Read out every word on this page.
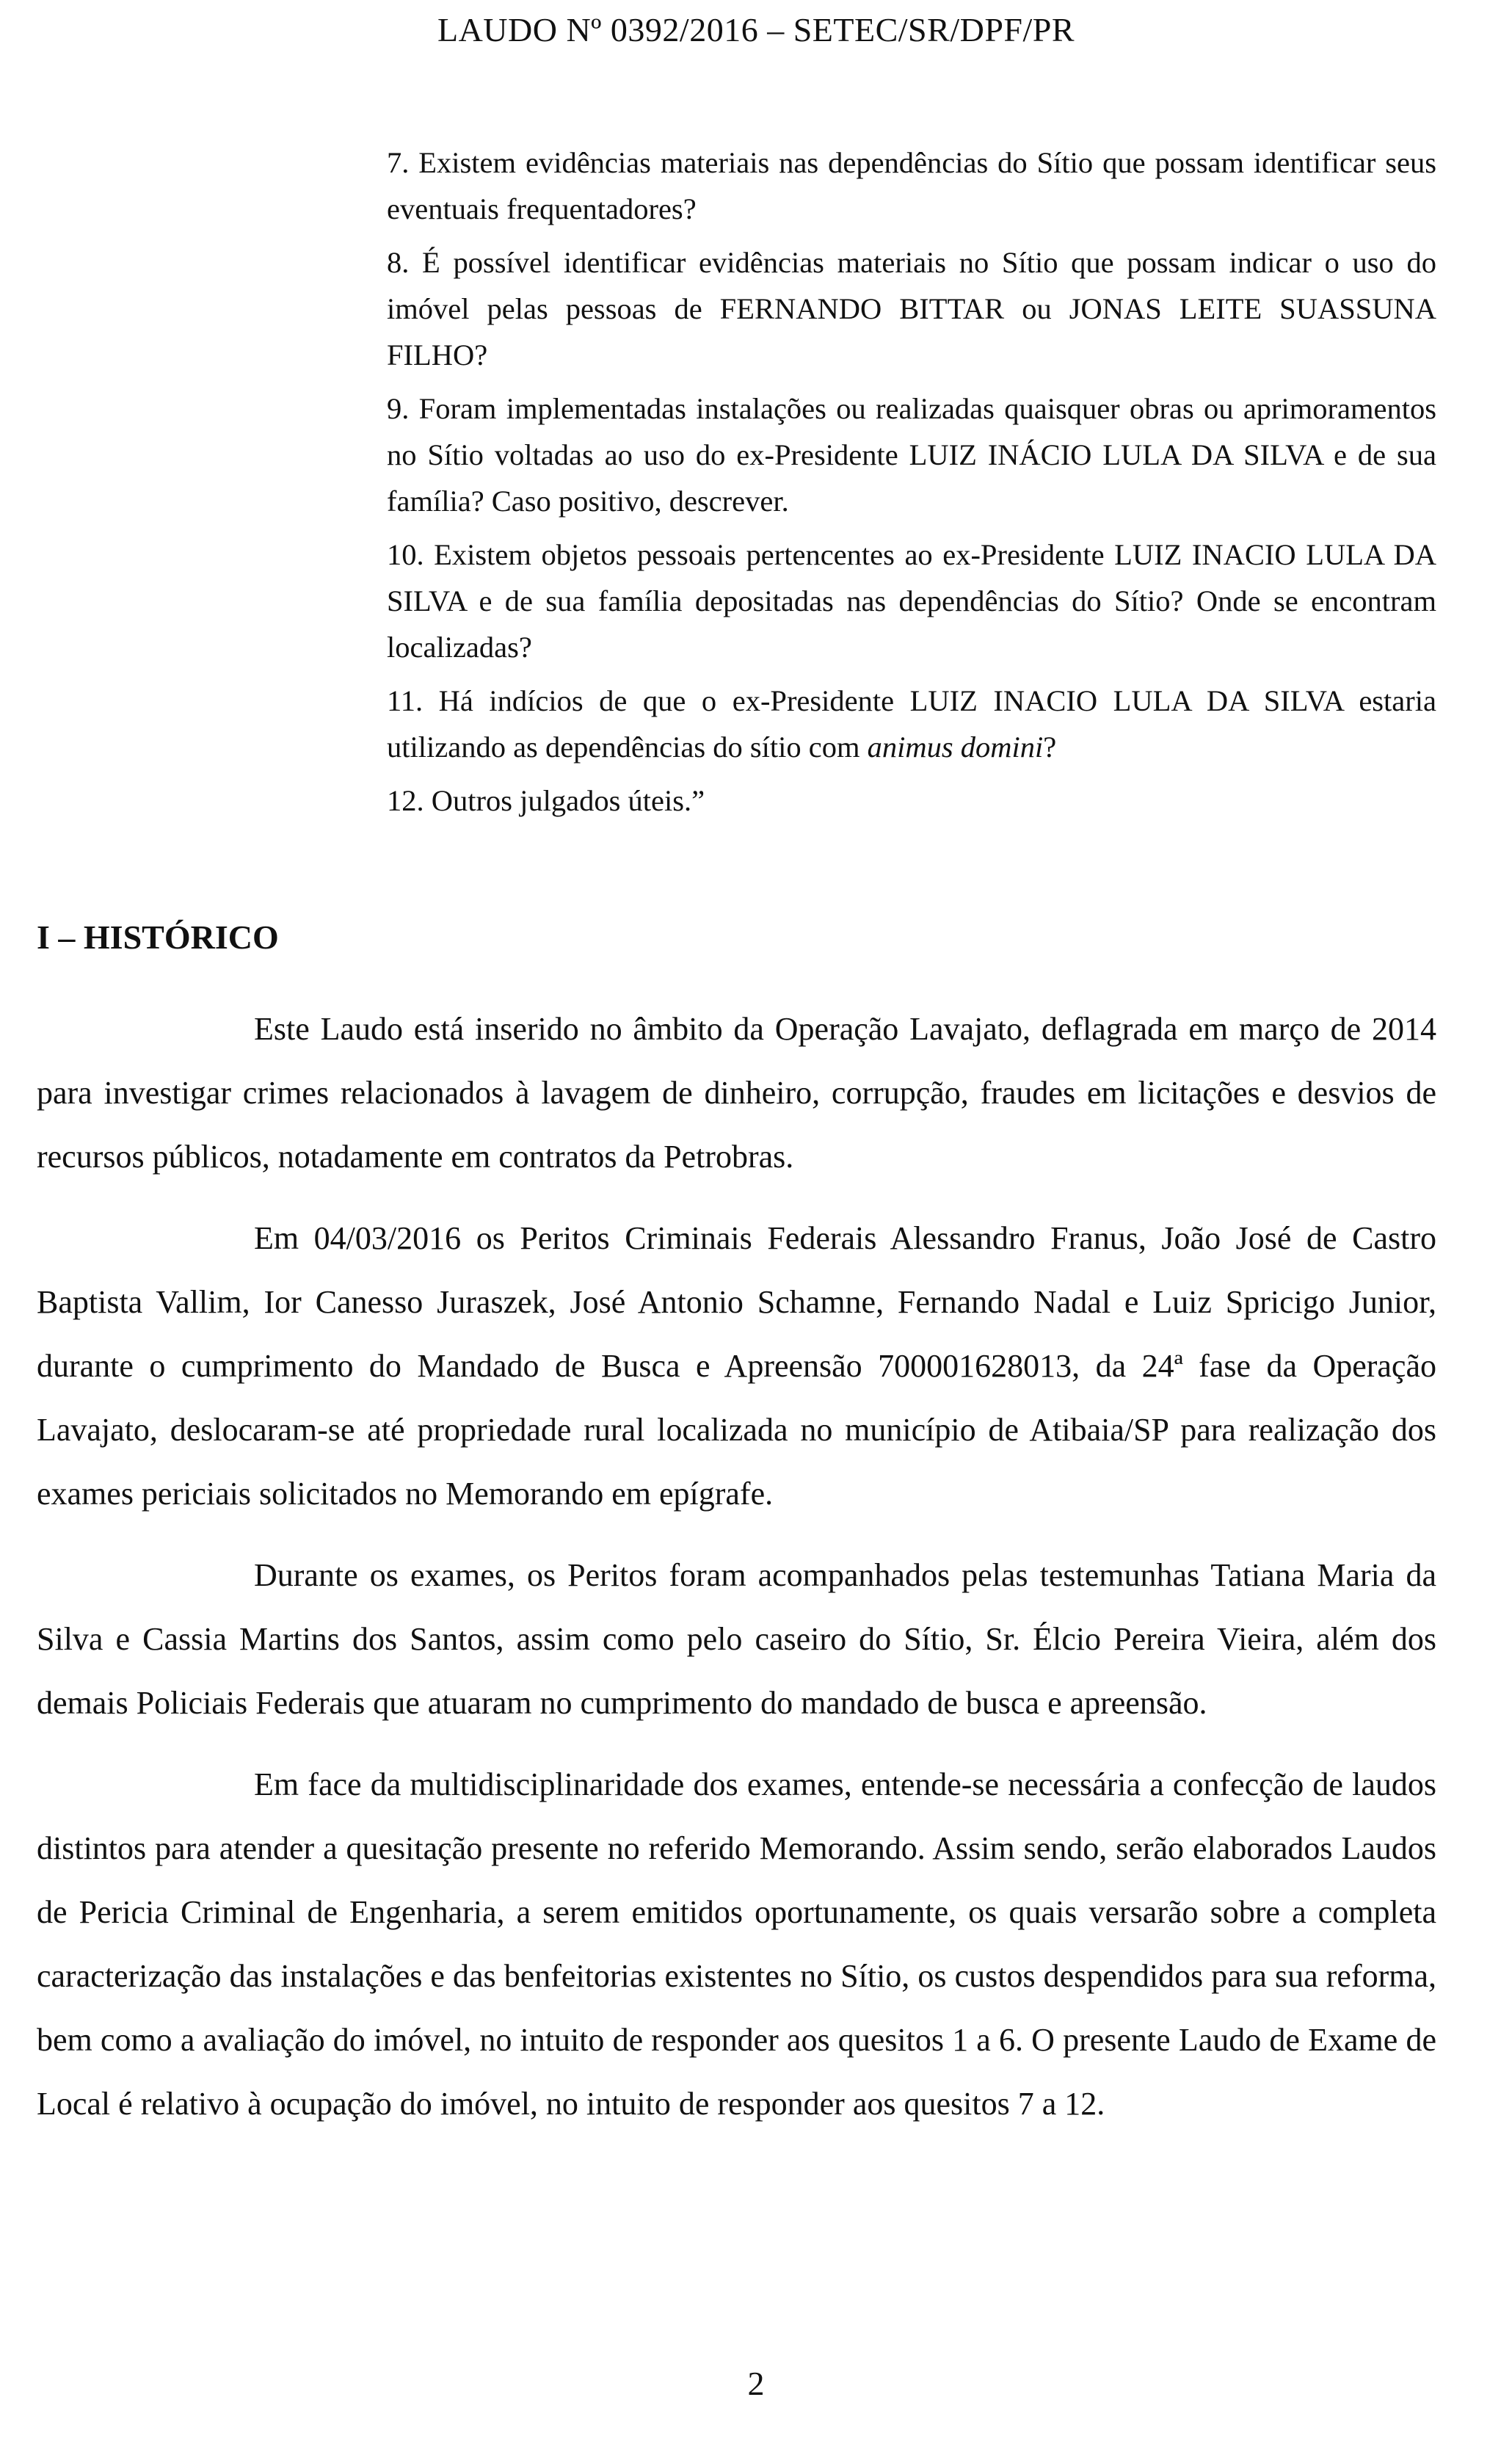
LAUDO Nº 0392/2016 – SETEC/SR/DPF/PR

7. Existem evidências materiais nas dependências do Sítio que possam identificar seus eventuais frequentadores?

8. É possível identificar evidências materiais no Sítio que possam indicar o uso do imóvel pelas pessoas de FERNANDO BITTAR ou JONAS LEITE SUASSUNA FILHO?

9. Foram implementadas instalações ou realizadas quaisquer obras ou aprimoramentos no Sítio voltadas ao uso do ex-Presidente LUIZ INÁCIO LULA DA SILVA e de sua família? Caso positivo, descrever.

10. Existem objetos pessoais pertencentes ao ex-Presidente LUIZ INACIO LULA DA SILVA e de sua família depositadas nas dependências do Sítio? Onde se encontram localizadas?

11. Há indícios de que o ex-Presidente LUIZ INACIO LULA DA SILVA estaria utilizando as dependências do sítio com animus domini?

12. Outros julgados úteis.”

I – HISTÓRICO

Este Laudo está inserido no âmbito da Operação Lavajato, deflagrada em março de 2014 para investigar crimes relacionados à lavagem de dinheiro, corrupção, fraudes em licitações e desvios de recursos públicos, notadamente em contratos da Petrobras.

Em 04/03/2016 os Peritos Criminais Federais Alessandro Franus, João José de Castro Baptista Vallim, Ior Canesso Juraszek, José Antonio Schamne, Fernando Nadal e Luiz Spricigo Junior, durante o cumprimento do Mandado de Busca e Apreensão 700001628013, da 24ª fase da Operação Lavajato, deslocaram-se até propriedade rural localizada no município de Atibaia/SP para realização dos exames periciais solicitados no Memorando em epígrafe.

Durante os exames, os Peritos foram acompanhados pelas testemunhas Tatiana Maria da Silva e Cassia Martins dos Santos, assim como pelo caseiro do Sítio, Sr. Élcio Pereira Vieira, além dos demais Policiais Federais que atuaram no cumprimento do mandado de busca e apreensão.

Em face da multidisciplinaridade dos exames, entende-se necessária a confecção de laudos distintos para atender a quesitação presente no referido Memorando. Assim sendo, serão elaborados Laudos de Pericia Criminal de Engenharia, a serem emitidos oportunamente, os quais versarão sobre a completa caracterização das instalações e das benfeitorias existentes no Sítio, os custos despendidos para sua reforma, bem como a avaliação do imóvel, no intuito de responder aos quesitos 1 a 6. O presente Laudo de Exame de Local é relativo à ocupação do imóvel, no intuito de responder aos quesitos 7 a 12.

2
